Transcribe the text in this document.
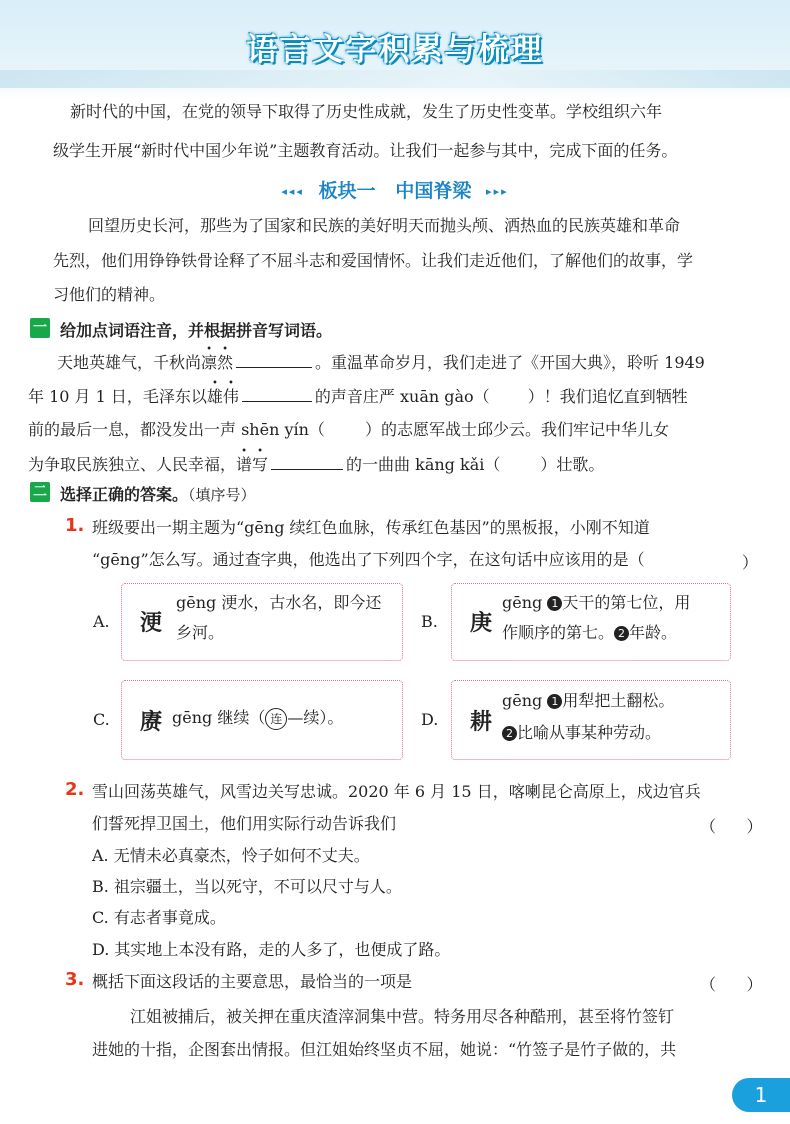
语言文字积累与梳理
新时代的中国，在党的领导下取得了历史性成就，发生了历史性变革。学校组织六年
级学生开展“新时代中国少年说”主题教育活动。让我们一起参与其中，完成下面的任务。
◂◂◂ 板块一   中国脊梁 ▸▸▸
回望历史长河，那些为了国家和民族的美好明天而抛头颅、洒热血的民族英雄和革命
先烈，他们用铮铮铁骨诠释了不屈斗志和爱国情怀。让我们走近他们，了解他们的故事，学
习他们的精神。
一 给加点词语注音，并根据拼音写词语。
天地英雄气，千秋尚
•
凛
•
然	。重温革命岁月，我们走进了《开国大典》，聆听 1949
年 10 月 1 日，毛泽东以
•
雄
•
伟	的声音庄严 xuān gào（ ）！我们追忆直到牺牲
前的最后一息，都没发出一声 shēn yín（	）的志愿军战士邱少云。我们牢记中华儿女
为争取民族独立、人民幸福，
•
谱
•
写	的一曲曲 kāng kǎi（	）壮歌。
二 选择正确的答案。（填序号）
1. 班级要出一期主题为“gēng 续红色血脉，传承红色基因”的黑板报，小刚不知道
“gēng”怎么写。通过查字典，他选出了下列四个字，在这句话中应该用的是（	）
A. 浭
gēng 浭水，古水名，即今还
乡河。
B. 庚
gēng 1 天干的第七位，用
作顺序的第七。 2 年龄。
C. 赓 gēng 继续（ 连 —续）。	D. 耕
gēng 1 用犁把土翻松。
2 比喻从事某种劳动。
2. 雪山回荡英雄气，风雪边关写忠诚。2020 年 6 月 15 日，喀喇昆仑高原上，戍边官兵
们誓死捍卫国土，他们用实际行动告诉我们	（      ）
A. 无情未必真豪杰，怜子如何不丈夫。
B. 祖宗疆土，当以死守，不可以尺寸与人。
C. 有志者事竟成。
D. 其实地上本没有路，走的人多了，也便成了路。
3. 概括下面这段话的主要意思，最恰当的一项是	（      ）
江姐被捕后，被关押在重庆渣滓洞集中营。特务用尽各种酷刑，甚至将竹签钉
进她的十指，企图套出情报。但江姐始终坚贞不屈，她说：“竹签子是竹子做的，共
1
